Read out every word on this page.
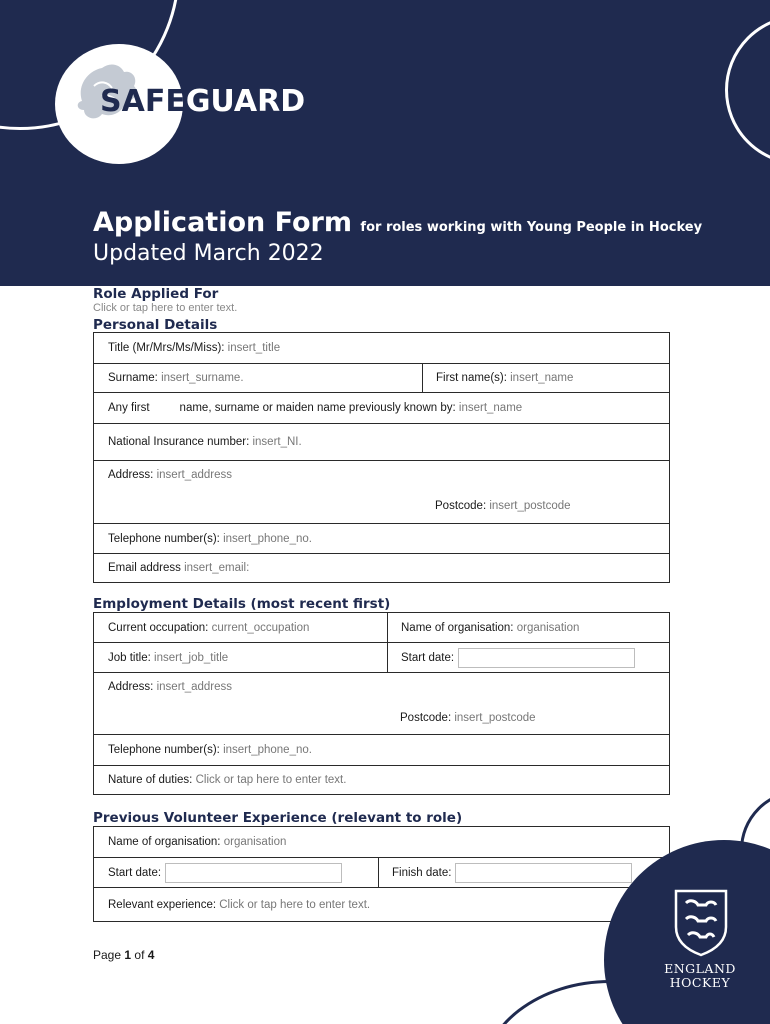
SAFEGUARD
Application Form for roles working with Young People in Hockey
Updated March 2022
Role Applied For
Click or tap here to enter text.
Personal Details
Title (Mr/Mrs/Ms/Miss):
insert_title
Surname:
insert_surname.	First name(s):
insert_name
Any first	name, surname or maiden name previously known by:
insert_name
National Insurance number:
insert_NI.
Address: insert_address
Postcode: insert_postcode
Telephone number(s):
insert_phone_no.
Email address
insert_email:
Employment Details (most recent first)
Current occupation:
current_occupation	Name of organisation:
organisation
Job title:
insert_job_title	Start date:
Address: insert_address
Postcode: insert_postcode
Telephone number(s):
insert_phone_no.
Nature of duties:
Click or tap here to enter text.
Previous Volunteer Experience (relevant to role)
Name of organisation:
organisation
Start date:	Finish date:
Relevant experience:
Click or tap here to enter text.
Page 1 of 4
ENGLAND
HOCKEY
